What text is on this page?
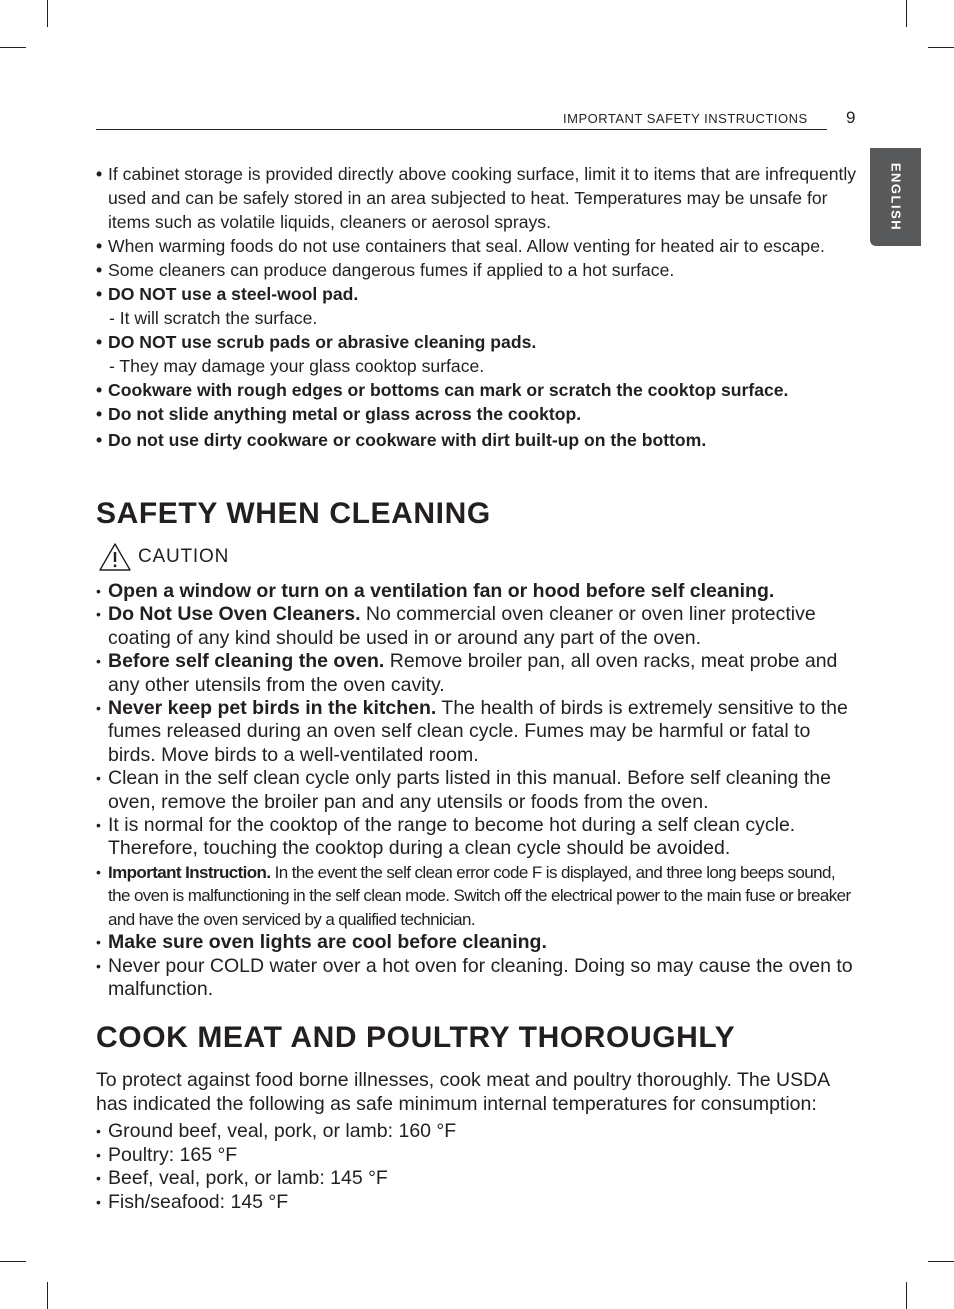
IMPORTANT SAFETY INSTRUCTIONS 9
ENGLISH
• If cabinet storage is provided directly above cooking surface, limit it to items that are infrequently used and can be safely stored in an area subjected to heat. Temperatures may be unsafe for items such as volatile liquids, cleaners or aerosol sprays.
• When warming foods do not use containers that seal. Allow venting for heated air to escape.
• Some cleaners can produce dangerous fumes if applied to a hot surface.
• DO NOT use a steel-wool pad.
- It will scratch the surface.
• DO NOT use scrub pads or abrasive cleaning pads.
- They may damage your glass cooktop surface.
• Cookware with rough edges or bottoms can mark or scratch the cooktop surface.
• Do not slide anything metal or glass across the cooktop.
• Do not use dirty cookware or cookware with dirt built-up on the bottom.
SAFETY WHEN CLEANING
CAUTION
• Open a window or turn on a ventilation fan or hood before self cleaning.
• Do Not Use Oven Cleaners. No commercial oven cleaner or oven liner protective coating of any kind should be used in or around any part of the oven.
• Before self cleaning the oven. Remove broiler pan, all oven racks, meat probe and any other utensils from the oven cavity.
• Never keep pet birds in the kitchen. The health of birds is extremely sensitive to the fumes released during an oven self clean cycle. Fumes may be harmful or fatal to birds. Move birds to a well-ventilated room.
• Clean in the self clean cycle only parts listed in this manual. Before self cleaning the oven, remove the broiler pan and any utensils or foods from the oven.
• It is normal for the cooktop of the range to become hot during a self clean cycle. Therefore, touching the cooktop during a clean cycle should be avoided.
• Important Instruction. In the event the self clean error code F is displayed, and three long beeps sound, the oven is malfunctioning in the self clean mode. Switch off the electrical power to the main fuse or breaker and have the oven serviced by a qualified technician.
• Make sure oven lights are cool before cleaning.
• Never pour COLD water over a hot oven for cleaning. Doing so may cause the oven to malfunction.
COOK MEAT AND POULTRY THOROUGHLY

To protect against food borne illnesses, cook meat and poultry thoroughly. The USDA has indicated the following as safe minimum internal temperatures for consumption:

• Ground beef, veal, pork, or lamb: 160 °F
• Poultry: 165 °F
• Beef, veal, pork, or lamb: 145 °F
• Fish/seafood: 145 °F
